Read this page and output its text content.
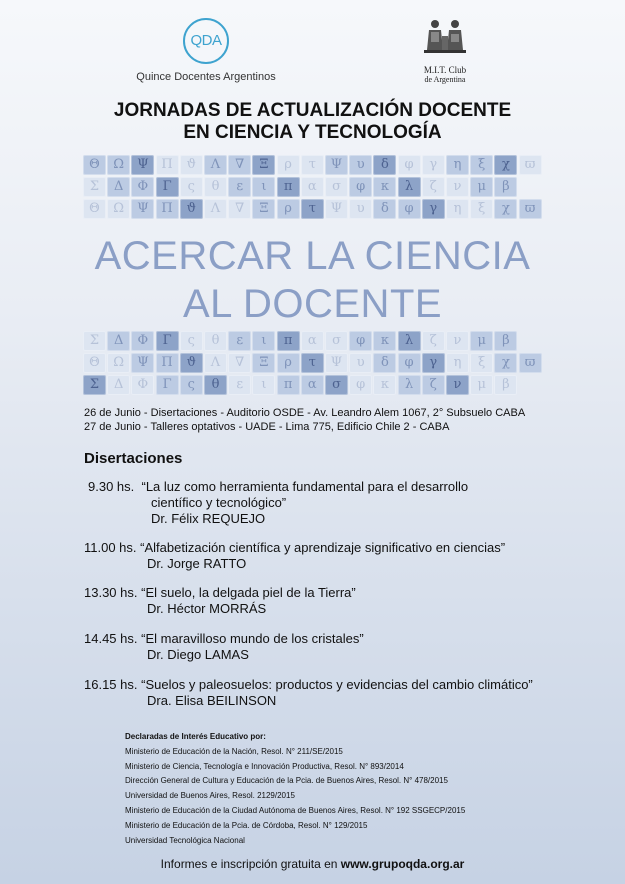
QDA
Quince Docentes Argentinos
M.I.T. Club
de Argentina
JORNADAS DE ACTUALIZACIÓN DOCENTE
EN CIENCIA Y TECNOLOGÍA
Θ	Ω	Ψ Π	ϑ	Λ	∇	Ξ	ρ	τ	Ψ	υ	δ	φ	γ	η	ξ	χ	ϖ
Σ	Δ	Φ	Γ	ς	θ	ε	ι	π	α	σ	φ	κ	λ	ζ	ν	μ	β
Θ	Ω	Ψ Π	ϑ	Λ	∇	Ξ	ρ	τ	Ψ	υ	δ	φ	γ	η	ξ	χ	ϖ
ACERCAR LA CIENCIA
AL DOCENTE
Σ	Δ	Φ	Γ	ς	θ	ε	ι	π	α	σ	φ	κ	λ	ζ	ν	μ	β
Θ	Ω	Ψ Π	ϑ	Λ	∇	Ξ	ρ	τ	Ψ	υ	δ	φ	γ	η	ξ	χ	ϖ
Σ	Δ	Φ	Γ	ς	θ	ε	ι	π	α	σ	φ	κ	λ	ζ	ν	μ	β
26 de Junio - Disertaciones - Auditorio OSDE - Av. Leandro Alem 1067, 2° Subsuelo CABA
27 de Junio - Talleres optativos - UADE - Lima 775, Edificio Chile 2 - CABA
Disertaciones
9.30 hs. “La luz como herramienta fundamental para el desarrollo
científico y tecnológico”
Dr. Félix REQUEJO
11.00 hs. “Alfabetización científica y aprendizaje significativo en ciencias”
Dr. Jorge RATTO
13.30 hs. “El suelo, la delgada piel de la Tierra”
Dr. Héctor MORRÁS
14.45 hs. “El maravilloso mundo de los cristales”
Dr. Diego LAMAS
16.15 hs. “Suelos y paleosuelos: productos y evidencias del cambio climático”
Dra. Elisa BEILINSON
Declaradas de Interés Educativo por:
Ministerio de Educación de la Nación, Resol. N° 211/SE/2015
Ministerio de Ciencia, Tecnología e Innovación Productiva, Resol. N° 893/2014
Dirección General de Cultura y Educación de la Pcia. de Buenos Aires, Resol. N° 478/2015
Universidad de Buenos Aires, Resol. 2129/2015
Ministerio de Educación de la Ciudad Autónoma de Buenos Aires, Resol. N° 192 SSGECP/2015
Ministerio de Educación de la Pcia. de Córdoba, Resol. N° 129/2015
Universidad Tecnológica Nacional
Informes e inscripción gratuita en www.grupoqda.org.ar
